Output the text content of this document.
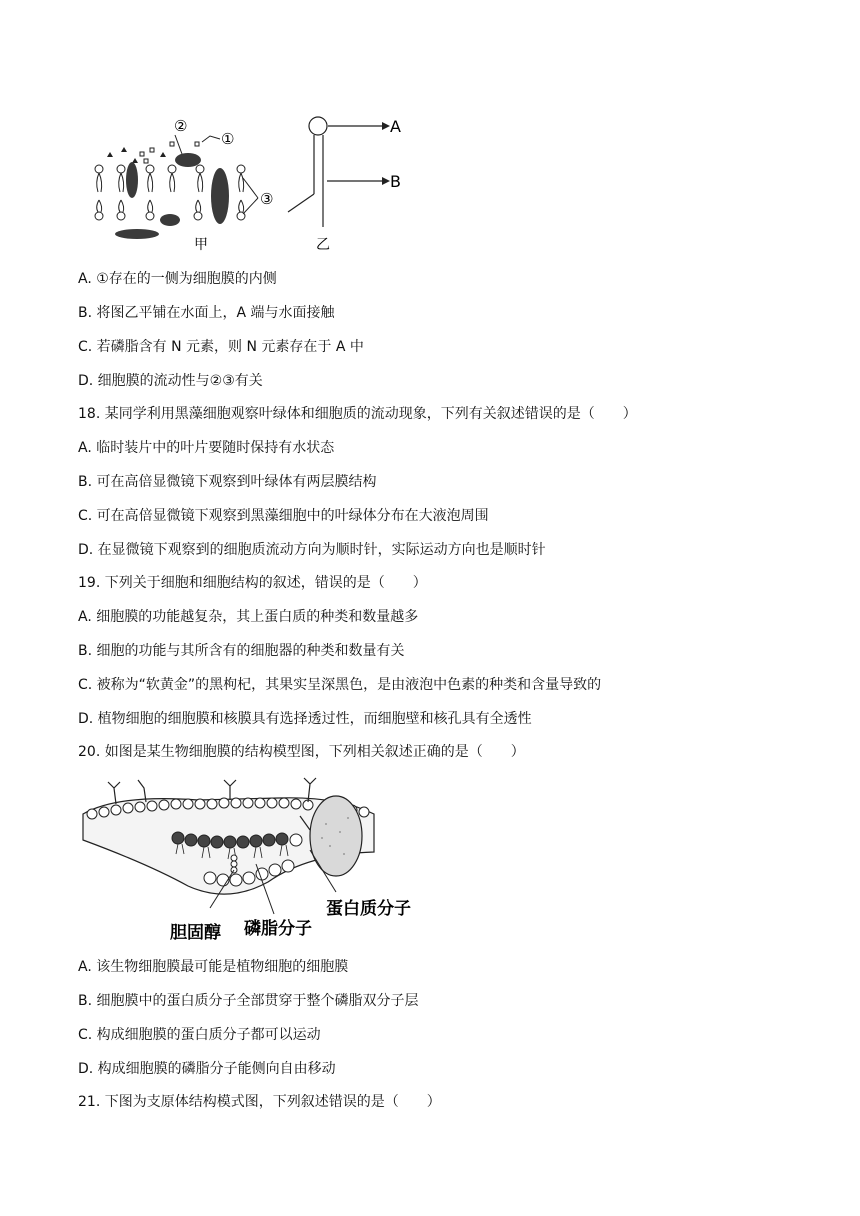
②
①
③
甲
A
B
乙
A. ①存在的一侧为细胞膜的内侧
B. 将图乙平铺在水面上，A 端与水面接触
C. 若磷脂含有 N 元素，则 N 元素存在于 A 中
D. 细胞膜的流动性与②③有关
18. 某同学利用黑藻细胞观察叶绿体和细胞质的流动现象，下列有关叙述错误的是（　　）
A. 临时装片中的叶片要随时保持有水状态
B. 可在高倍显微镜下观察到叶绿体有两层膜结构
C. 可在高倍显微镜下观察到黑藻细胞中的叶绿体分布在大液泡周围
D. 在显微镜下观察到的细胞质流动方向为顺时针，实际运动方向也是顺时针
19. 下列关于细胞和细胞结构的叙述，错误的是（　　）
A. 细胞膜的功能越复杂，其上蛋白质的种类和数量越多
B. 细胞的功能与其所含有的细胞器的种类和数量有关
C. 被称为“软黄金”的黑枸杞，其果实呈深黑色，是由液泡中色素的种类和含量导致的
D. 植物细胞的细胞膜和核膜具有选择透过性，而细胞壁和核孔具有全透性
20. 如图是某生物细胞膜的结构模型图，下列相关叙述正确的是（　　）
胆固醇 磷脂分子
蛋白质分子
A. 该生物细胞膜最可能是植物细胞的细胞膜
B. 细胞膜中的蛋白质分子全部贯穿于整个磷脂双分子层
C. 构成细胞膜的蛋白质分子都可以运动
D. 构成细胞膜的磷脂分子能侧向自由移动
21. 下图为支原体结构模式图，下列叙述错误的是（　　）
